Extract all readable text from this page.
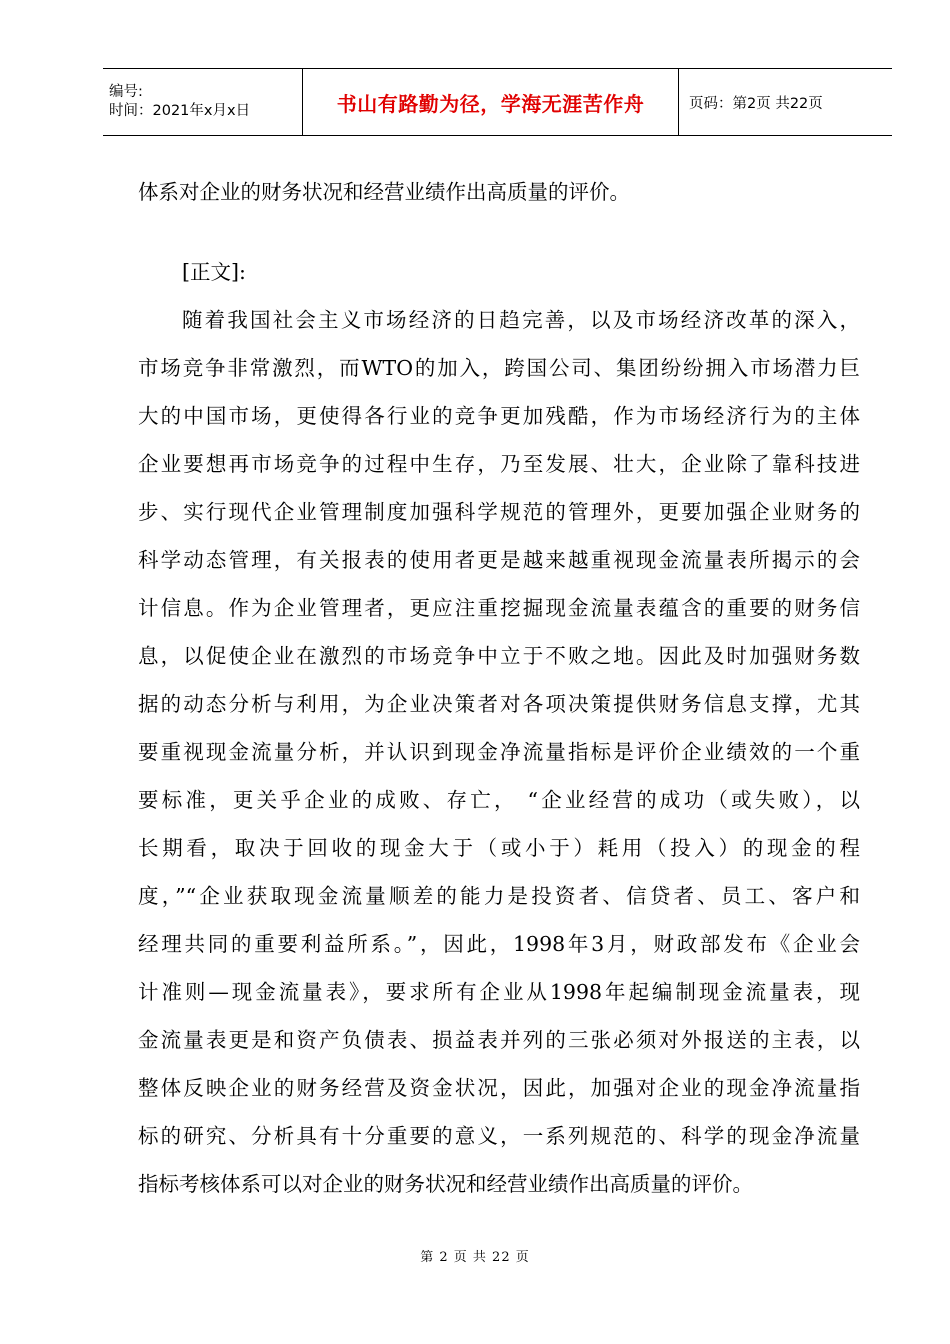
编号:
时间：2021年x月x日	书山有路勤为径，学海无涯苦作舟	页码：第2页 共22页
体系对企业的财务状况和经营业绩作出高质量的评价。
[正文]:
随着我国社会主义市场经济的日趋完善，以及市场经济改革的深入，
市场竞争非常激烈，而WTO的加入，跨国公司、集团纷纷拥入市场潜力巨
大的中国市场，更使得各行业的竞争更加残酷，作为市场经济行为的主体
企业要想再市场竞争的过程中生存，乃至发展、壮大，企业除了靠科技进
步、实行现代企业管理制度加强科学规范的管理外，更要加强企业财务的
科学动态管理，有关报表的使用者更是越来越重视现金流量表所揭示的会
计信息。作为企业管理者，更应注重挖掘现金流量表蕴含的重要的财务信
息，以促使企业在激烈的市场竞争中立于不败之地。因此及时加强财务数
据的动态分析与利用，为企业决策者对各项决策提供财务信息支撑，尤其
要重视现金流量分析，并认识到现金净流量指标是评价企业绩效的一个重
要标准，更关乎企业的成败、存亡， “企业经营的成功（或失败），以
长期看，取决于回收的现金大于（或小于）耗用（投入）的现金的程
度，”“企业获取现金流量顺差的能力是投资者、信贷者、员工、客户和
经理共同的重要利益所系。”，因此，1998年3月，财政部发布《企业会
计准则—现金流量表》，要求所有企业从1998年起编制现金流量表，现
金流量表更是和资产负债表、损益表并列的三张必须对外报送的主表，以
整体反映企业的财务经营及资金状况，因此，加强对企业的现金净流量指
标的研究、分析具有十分重要的意义，一系列规范的、科学的现金净流量
指标考核体系可以对企业的财务状况和经营业绩作出高质量的评价。
第 2 页 共 22 页
